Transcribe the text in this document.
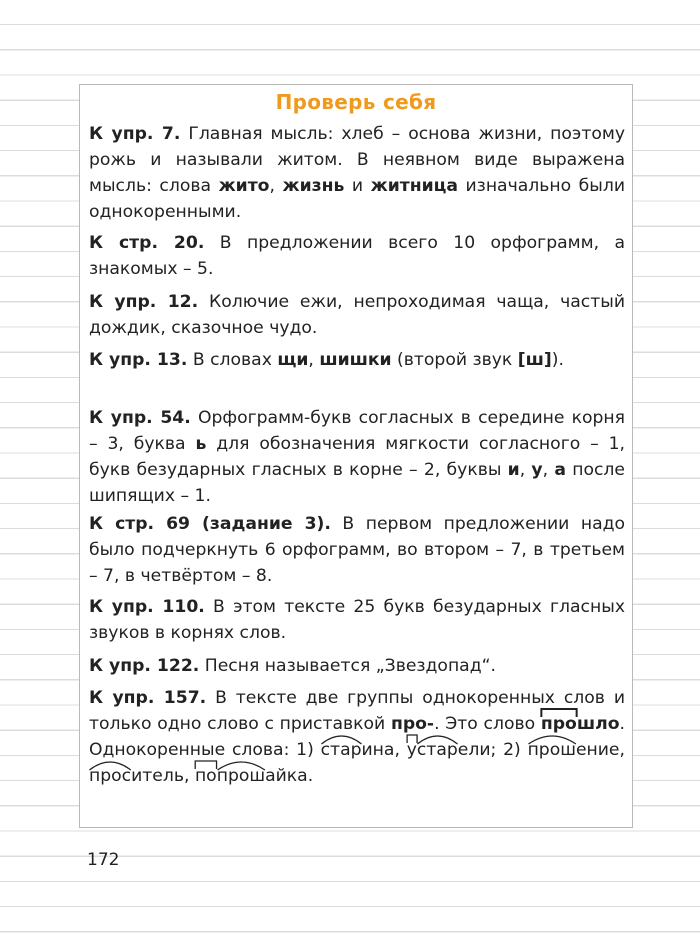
Проверь себя
К упр. 7. Главная мысль: хлеб – основа жизни, поэтому рожь и называли житом. В неявном виде выражена мысль: слова жито, жизнь и житница изначально были однокоренными.
К стр. 20. В предложении всего 10 орфограмм, а знакомых – 5.
К упр. 12. Колючие ежи, непроходимая чаща, частый дождик, сказочное чудо.
К упр. 13. В словах щи, шишки (второй звук [ш]).
К упр. 54. Орфограмм-букв согласных в середине корня – 3, буква ь для обозначения мягкости согласного – 1, букв безударных гласных в корне – 2, буквы и, у, а после шипящих – 1.
К стр. 69 (задание 3). В первом предложении надо было подчеркнуть 6 орфограмм, во втором – 7, в третьем – 7, в четвёртом – 8.
К упр. 110. В этом тексте 25 букв безударных гласных звуков в корнях слов.
К упр. 122. Песня называется „Звездопад“.
К упр. 157. В тексте две группы однокоренных слов и только одно слово с приставкой про-. Это слово про
шло. Однокоренные слова: 1) стар
ина, у
стар
ели; 2) прош
ение, прос
итель, по
прош
айка.
172
